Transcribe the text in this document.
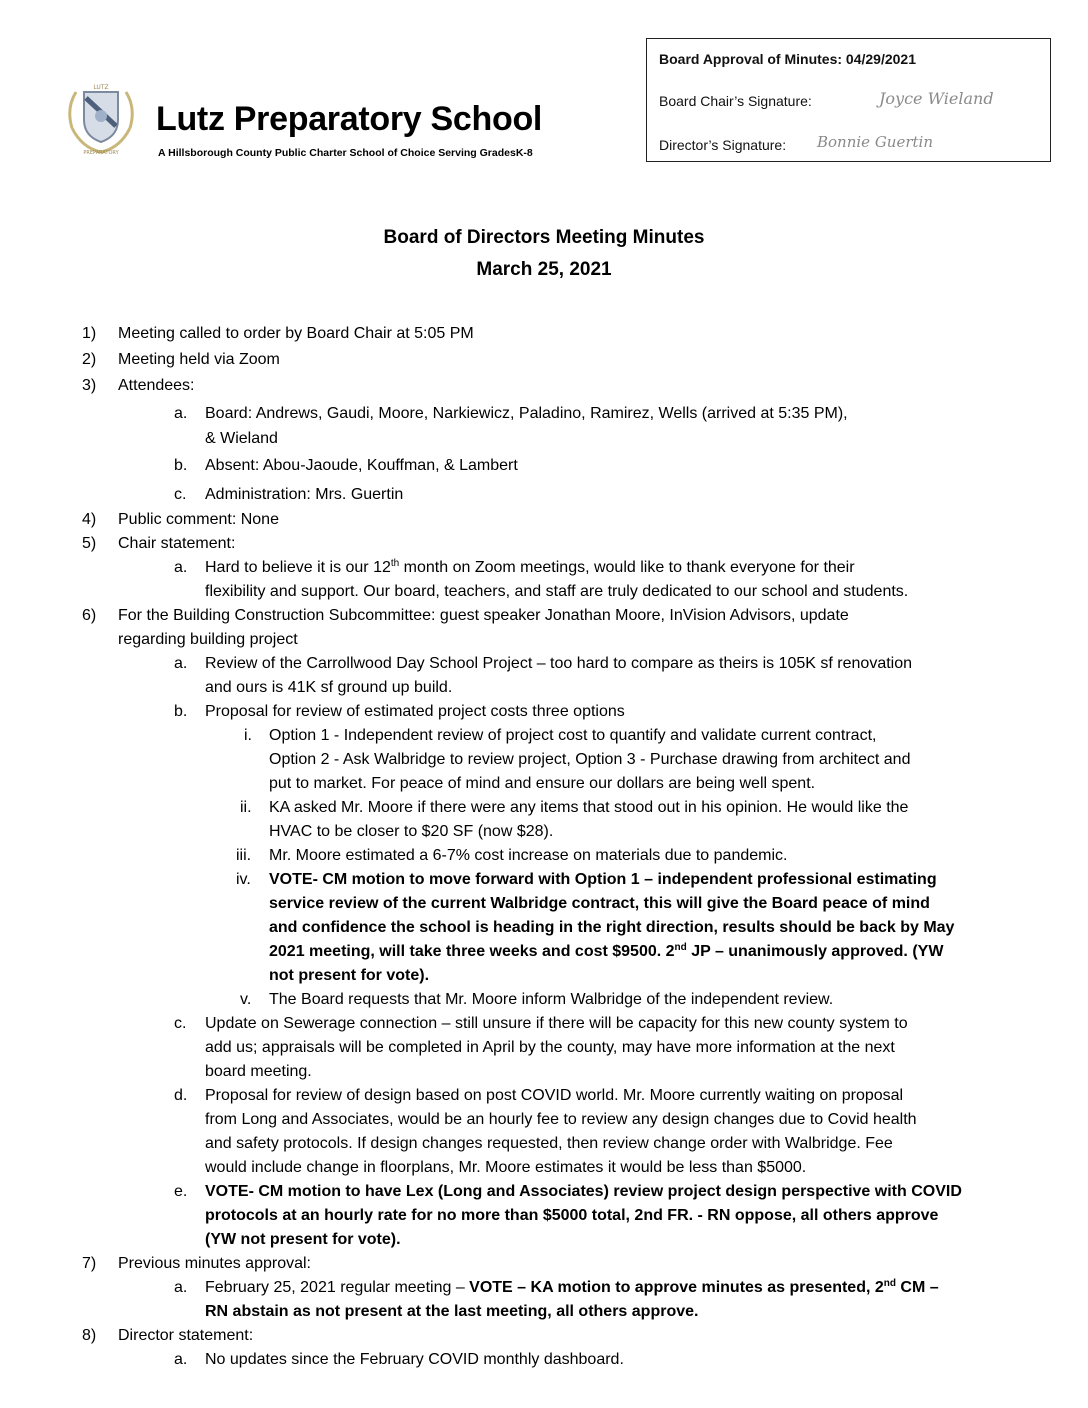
LUTZ
PREPARATORY
Lutz Preparatory School
A Hillsborough County Public Charter School of Choice Serving GradesK-8
Board Approval of Minutes: 04/29/2021
Board Chair’s Signature:	Joyce Wieland
Director’s Signature: Bonnie Guertin
Board of Directors Meeting Minutes
March 25, 2021
1) Meeting called to order by Board Chair at 5:05 PM
2) Meeting held via Zoom
3) Attendees:
a. Board: Andrews, Gaudi, Moore, Narkiewicz, Paladino, Ramirez, Wells (arrived at 5:35 PM),
& Wieland
b. Absent: Abou-Jaoude, Kouffman, & Lambert
c. Administration: Mrs. Guertin
4) Public comment: None
5) Chair statement:
a. Hard to believe it is our 12th month on Zoom meetings, would like to thank everyone for their
flexibility and support. Our board, teachers, and staff are truly dedicated to our school and students.
6) For the Building Construction Subcommittee: guest speaker Jonathan Moore, InVision Advisors, update
regarding building project
a. Review of the Carrollwood Day School Project – too hard to compare as theirs is 105K sf renovation
and ours is 41K sf ground up build.
b. Proposal for review of estimated project costs three options
i. Option 1 - Independent review of project cost to quantify and validate current contract,
Option 2 - Ask Walbridge to review project, Option 3 - Purchase drawing from architect and
put to market. For peace of mind and ensure our dollars are being well spent.
ii. KA asked Mr. Moore if there were any items that stood out in his opinion. He would like the
HVAC to be closer to $20 SF (now $28).
iii. Mr. Moore estimated a 6-7% cost increase on materials due to pandemic.
iv. VOTE- CM motion to move forward with Option 1 – independent professional estimating
service review of the current Walbridge contract, this will give the Board peace of mind
and confidence the school is heading in the right direction, results should be back by May
2021 meeting, will take three weeks and cost $9500. 2nd JP – unanimously approved. (YW
not present for vote).
v. The Board requests that Mr. Moore inform Walbridge of the independent review.
c. Update on Sewerage connection – still unsure if there will be capacity for this new county system to
add us; appraisals will be completed in April by the county, may have more information at the next
board meeting.
d. Proposal for review of design based on post COVID world. Mr. Moore currently waiting on proposal
from Long and Associates, would be an hourly fee to review any design changes due to Covid health
and safety protocols. If design changes requested, then review change order with Walbridge. Fee
would include change in floorplans, Mr. Moore estimates it would be less than $5000.
e. VOTE- CM motion to have Lex (Long and Associates) review project design perspective with COVID
protocols at an hourly rate for no more than $5000 total, 2nd FR. - RN oppose, all others approve
(YW not present for vote).
7) Previous minutes approval:
a. February 25, 2021 regular meeting – VOTE – KA motion to approve minutes as presented, 2nd CM –
RN abstain as not present at the last meeting, all others approve.
8) Director statement:
a. No updates since the February COVID monthly dashboard.
